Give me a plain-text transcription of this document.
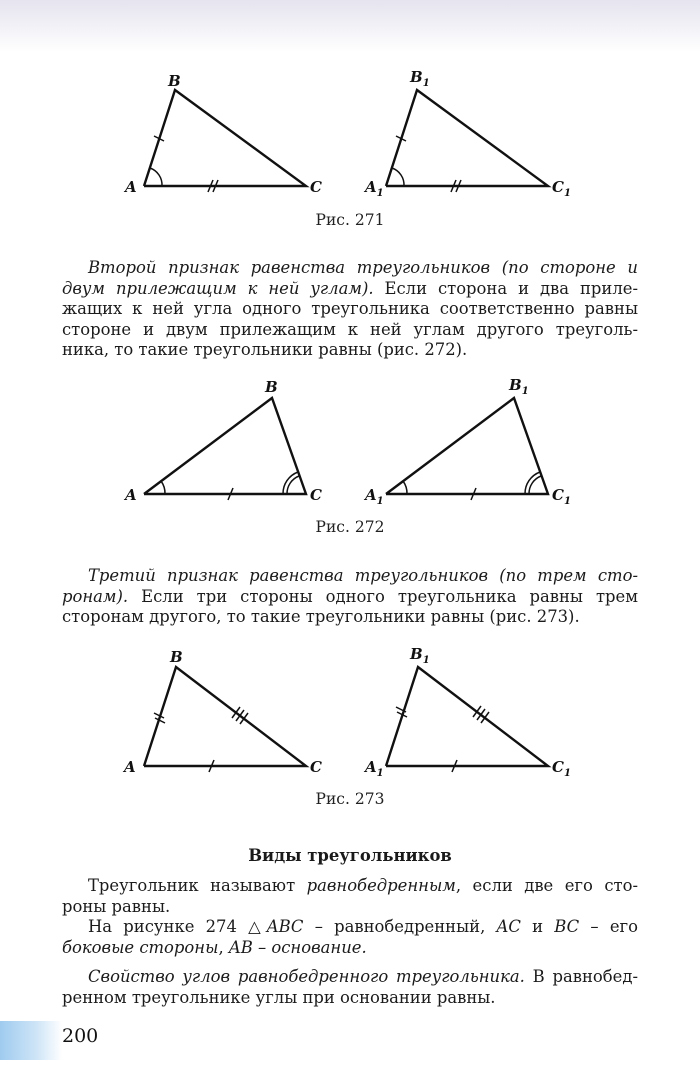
B
A	C
$B_1$
$A_1$	$C_1$
Рис. 271
Второй признак равенства треугольников (по стороне и
двум прилежащим к ней углам). Если сторона и два приле-
жащих к ней угла одного треугольника соответственно равны
стороне и двум прилежащим к ней углам другого треуголь-
ника, то такие треугольники равны (рис. 272).
B
A	C
$B_1$
$A_1$	$C_1$
Рис. 272
Третий признак равенства треугольников (по трем сто-
ронам). Если три стороны одного треугольника равны трем
сторонам другого, то такие треугольники равны (рис. 273).
B
A	C
$B_1$
$A_1$	$C_1$
Рис. 273
Виды треугольников
Треугольник называют равнобедренным, если две его сто-
роны равны.
На рисунке 274 △ABC – равнобедренный, AC и BC – его
боковые стороны, AB – основание.
Свойство углов равнобедренного треугольника. В равнобед-
ренном треугольнике углы при основании равны.
200
